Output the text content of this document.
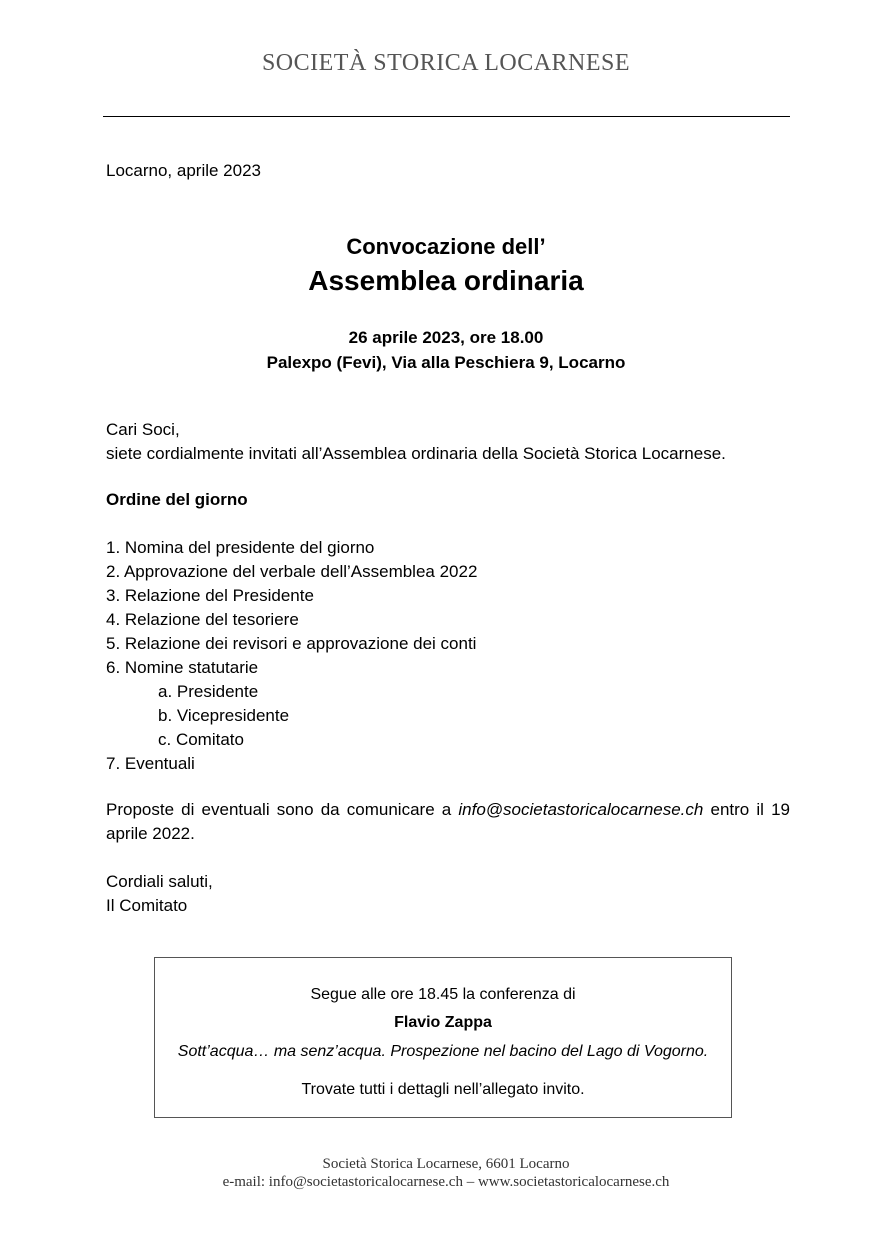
SOCIETÀ STORICA LOCARNESE
Locarno, aprile 2023
Convocazione dell’
Assemblea ordinaria
26 aprile 2023, ore 18.00
Palexpo (Fevi), Via alla Peschiera 9, Locarno
Cari Soci,
siete cordialmente invitati all’Assemblea ordinaria della Società Storica Locarnese.
Ordine del giorno
1. Nomina del presidente del giorno
2. Approvazione del verbale dell’Assemblea 2022
3. Relazione del Presidente
4. Relazione del tesoriere
5. Relazione dei revisori e approvazione dei conti
6. Nomine statutarie
a. Presidente
b. Vicepresidente
c. Comitato
7. Eventuali
Proposte di eventuali sono da comunicare a info@societastoricalocarnese.ch entro il 19 aprile 2022.
Cordiali saluti,
Il Comitato
Segue alle ore 18.45 la conferenza di
Flavio Zappa
Sott’acqua… ma senz’acqua. Prospezione nel bacino del Lago di Vogorno.
Trovate tutti i dettagli nell’allegato invito.
Società Storica Locarnese, 6601 Locarno
e-mail: info@societastoricalocarnese.ch – www.societastoricalocarnese.ch
